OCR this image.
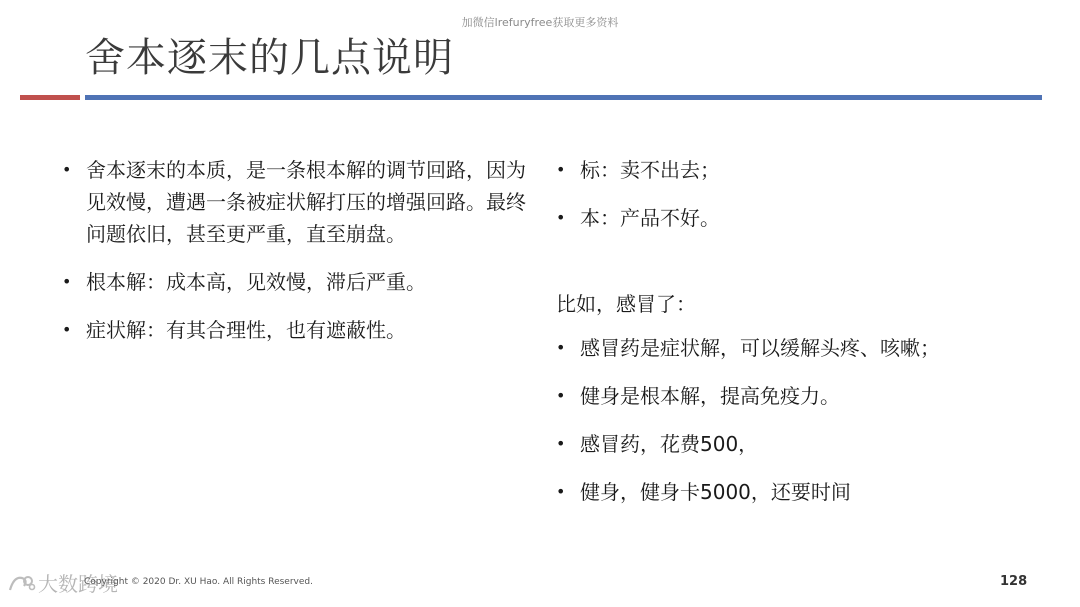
加微信lrefuryfree获取更多资料
舍本逐末的几点说明
• 舍本逐末的本质，是一条根本解的调节回路，因为见效慢，遭遇一条被症状解打压的增强回路。最终问题依旧，甚至更严重，直至崩盘。
• 根本解：成本高，见效慢，滞后严重。
• 症状解：有其合理性，也有遮蔽性。
• 标：卖不出去；
• 本：产品不好。
比如，感冒了：
• 感冒药是症状解，可以缓解头疼、咳嗽；
• 健身是根本解，提高免疫力。
• 感冒药，花费500，
• 健身，健身卡5000，还要时间
大数跨境
Copyright © 2020 Dr. XU Hao. All Rights Reserved.	128
